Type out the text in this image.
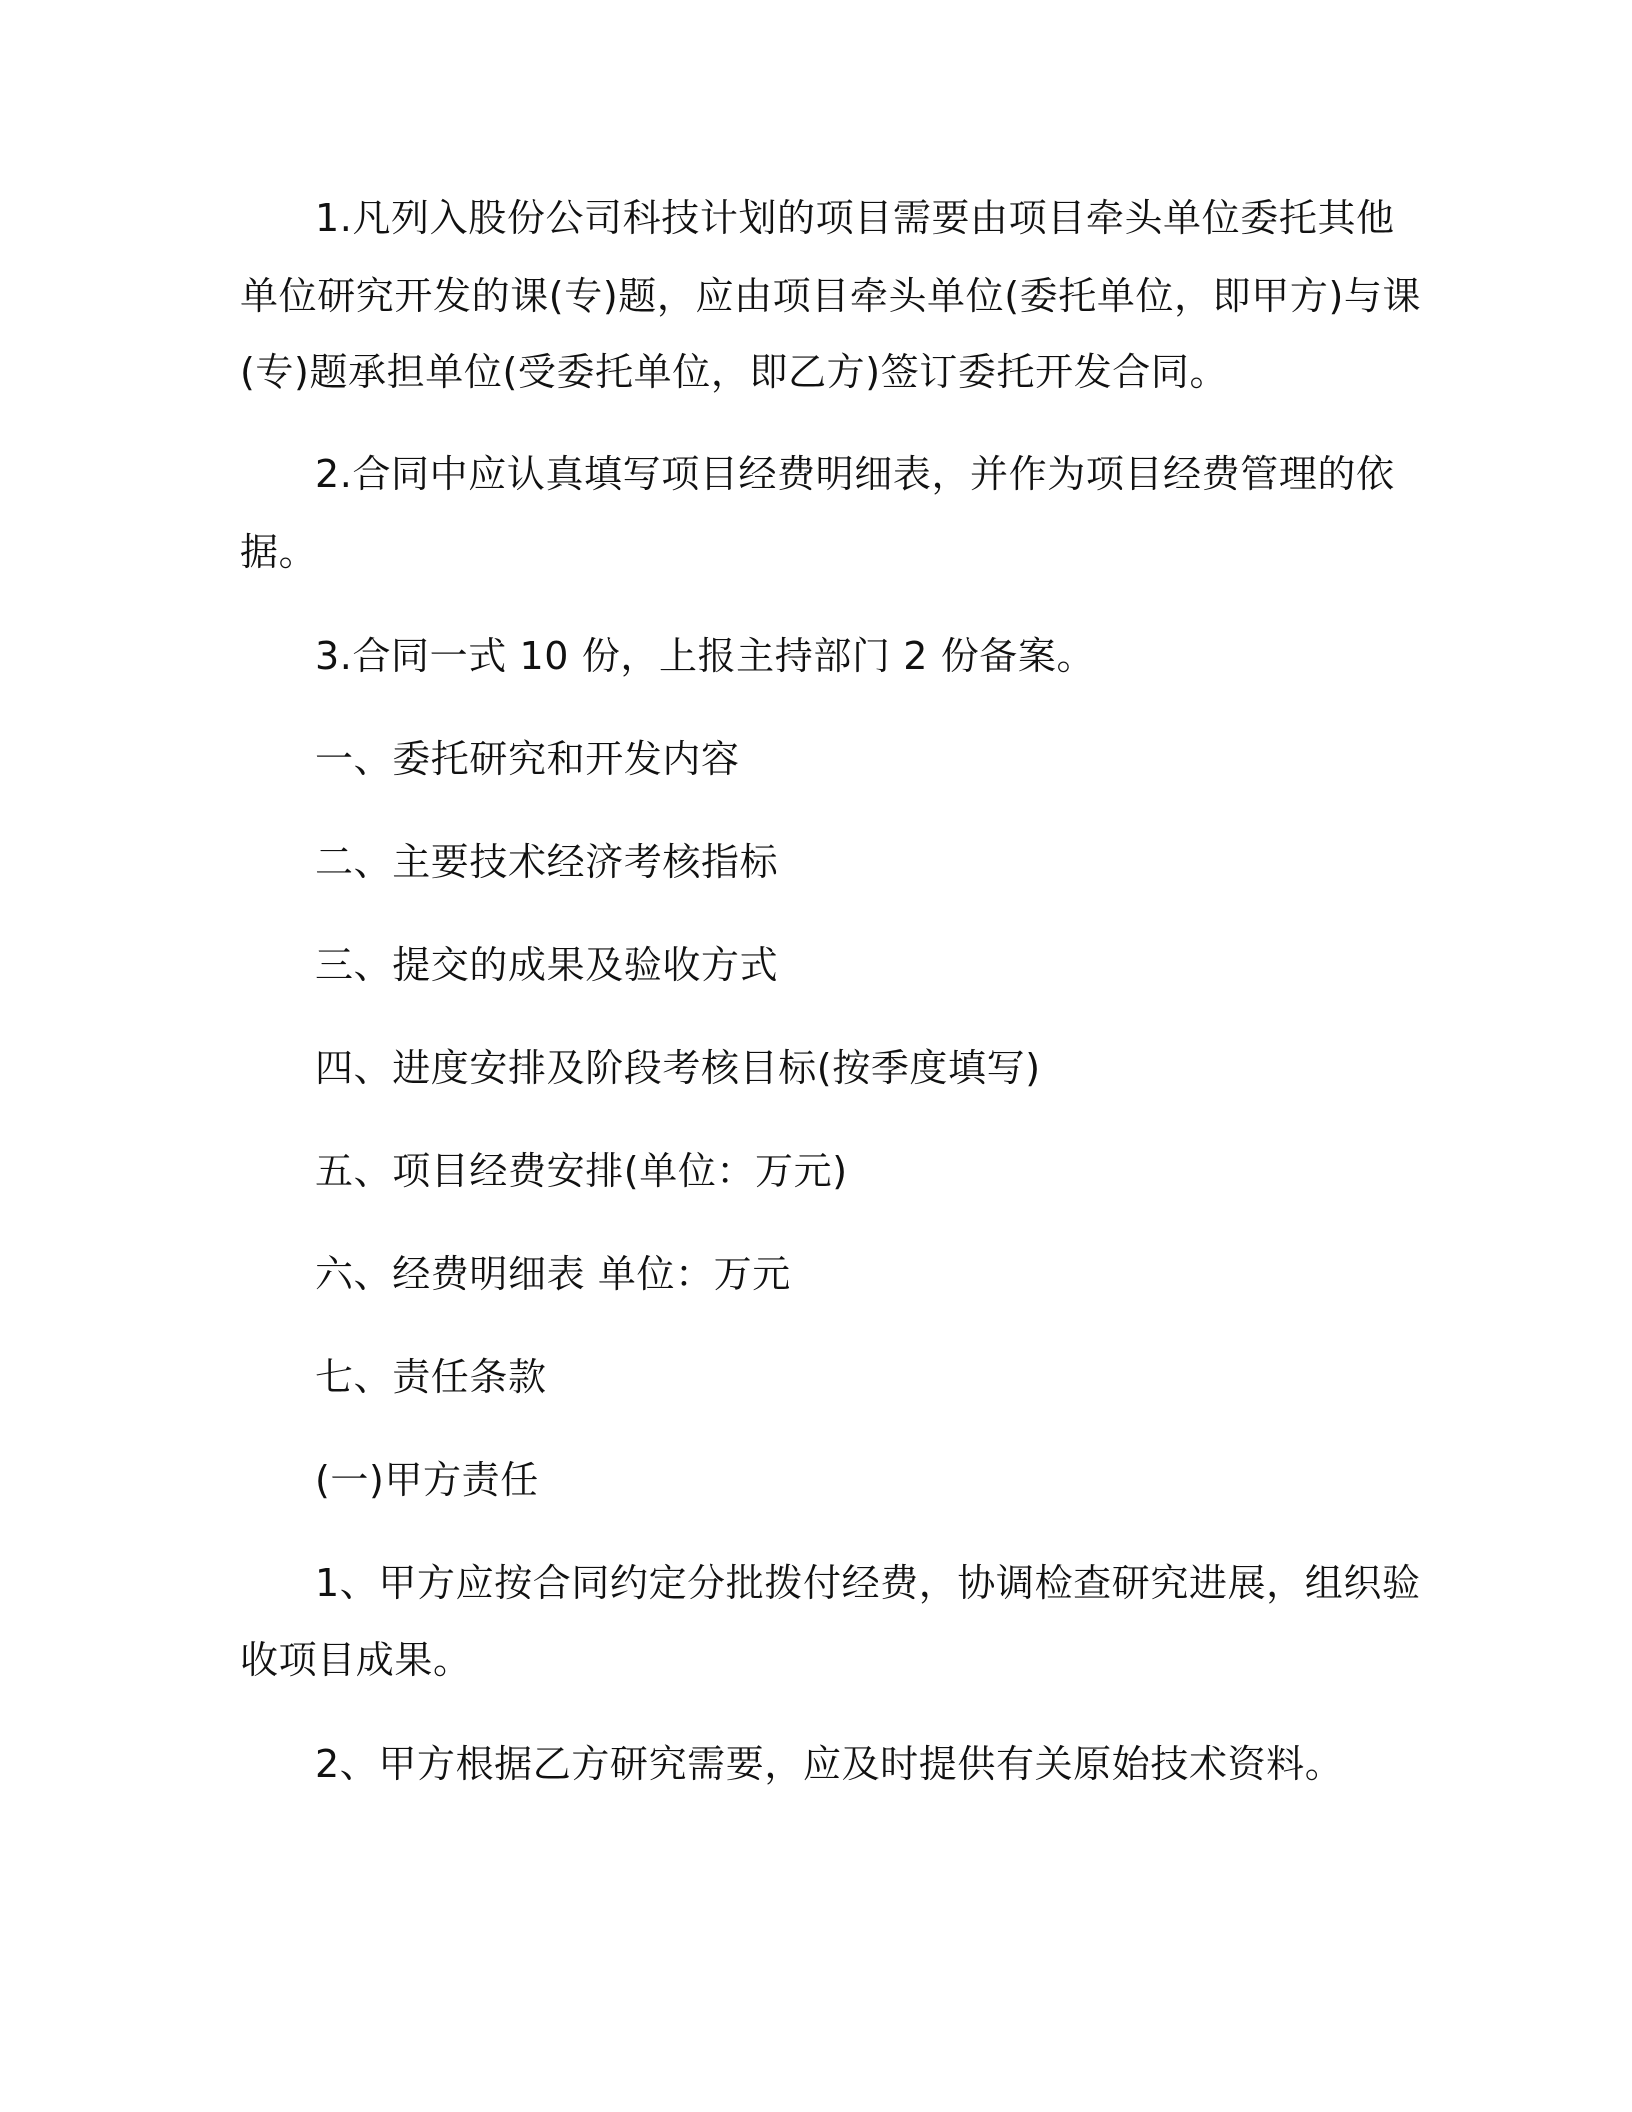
1.凡列入股份公司科技计划的项目需要由项目牵头单位委托其他

单位研究开发的课(专)题，应由项目牵头单位(委托单位，即甲方)与课

(专)题承担单位(受委托单位，即乙方)签订委托开发合同。

2.合同中应认真填写项目经费明细表，并作为项目经费管理的依

据。

3.合同一式 10 份，上报主持部门 2 份备案。

一、委托研究和开发内容

二、主要技术经济考核指标

三、提交的成果及验收方式

四、进度安排及阶段考核目标(按季度填写)

五、项目经费安排(单位：万元)

六、经费明细表 单位：万元

七、责任条款

(一)甲方责任

1、甲方应按合同约定分批拨付经费，协调检查研究进展，组织验

收项目成果。

2、甲方根据乙方研究需要，应及时提供有关原始技术资料。
